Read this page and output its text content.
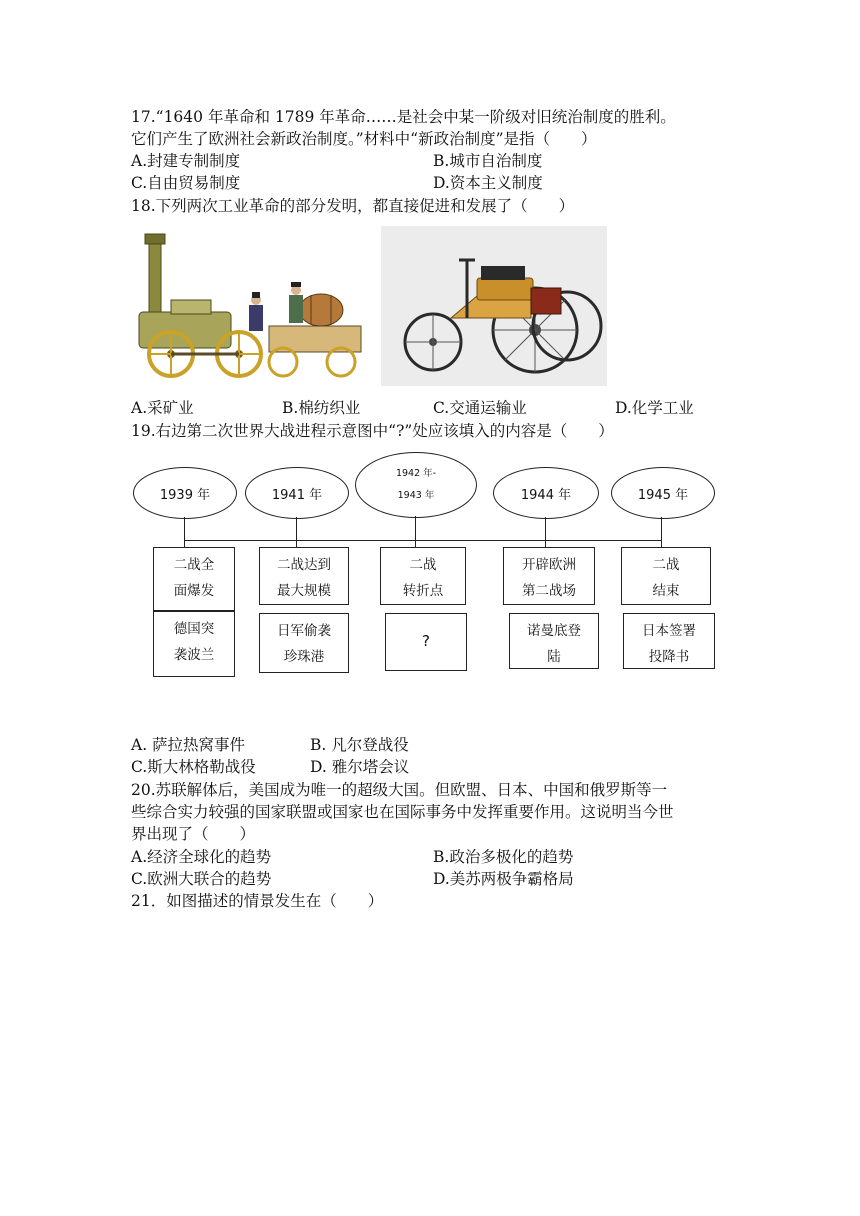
17.“1640 年革命和 1789 年革命……是社会中某一阶级对旧统治制度的胜利。
它们产生了欧洲社会新政治制度。”材料中“新政治制度”是指（　　）
A.封建专制制度	B.城市自治制度
C.自由贸易制度	D.资本主义制度
18.下列两次工业革命的部分发明，都直接促进和发展了（　　）
A.采矿业	B.棉纺织业	C.交通运输业	D.化学工业
19.右边第二次世界大战进程示意图中“?”处应该填入的内容是（　　）
1939 年	1941 年
1942 年-
1943 年	1944 年	1945 年
二战全
面爆发
二战达到
最大规模
二战
转折点
开辟欧洲
第二战场
二战
结束
德国突
袭波兰
日军偷袭
珍珠港
?
诺曼底登
陆
日本签署
投降书
A. 萨拉热窝事件	B. 凡尔登战役
C.斯大林格勒战役	D. 雅尔塔会议
20.苏联解体后，美国成为唯一的超级大国。但欧盟、日本、中国和俄罗斯等一
些综合实力较强的国家联盟或国家也在国际事务中发挥重要作用。这说明当今世
界出现了（　　）
A.经济全球化的趋势	B.政治多极化的趋势
C.欧洲大联合的趋势	D.美苏两极争霸格局
21．如图描述的情景发生在（　　）
